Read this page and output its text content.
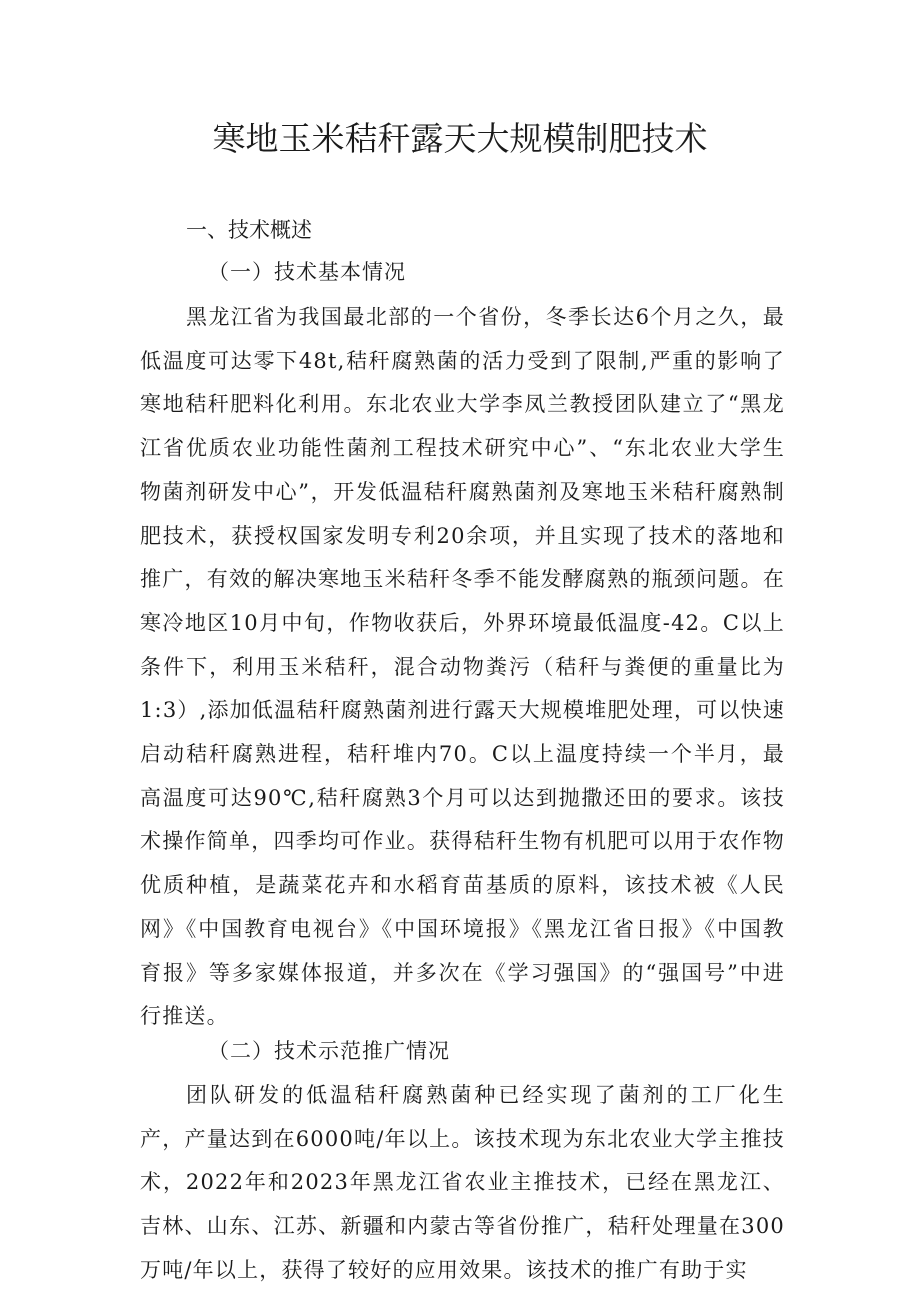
寒地玉米秸秆露天大规模制肥技术
一、技术概述
（一）技术基本情况

黑龙江省为我国最北部的一个省份，冬季长达6个月之久，最低温度可达零下48t,秸秆腐熟菌的活力受到了限制,严重的影响了寒地秸秆肥料化利用。东北农业大学李凤兰教授团队建立了“黑龙江省优质农业功能性菌剂工程技术研究中心”、“东北农业大学生物菌剂研发中心”，开发低温秸秆腐熟菌剂及寒地玉米秸秆腐熟制肥技术，获授权国家发明专利20余项，并且实现了技术的落地和推广，有效的解决寒地玉米秸秆冬季不能发酵腐熟的瓶颈问题。在寒冷地区10月中旬，作物收获后，外界环境最低温度-42。C以上条件下，利用玉米秸秆，混合动物粪污（秸秆与粪便的重量比为1:3）,添加低温秸秆腐熟菌剂进行露天大规模堆肥处理，可以快速启动秸秆腐熟进程，秸秆堆内70。C以上温度持续一个半月，最高温度可达90℃,秸秆腐熟3个月可以达到抛撒还田的要求。该技术操作简单，四季均可作业。获得秸秆生物有机肥可以用于农作物优质种植，是蔬菜花卉和水稻育苗基质的原料，该技术被《人民网》《中国教育电视台》《中国环境报》《黑龙江省日报》《中国教育报》等多家媒体报道，并多次在《学习强国》的“强国号”中进行推送。

（二）技术示范推广情况

团队研发的低温秸秆腐熟菌种已经实现了菌剂的工厂化生产，产量达到在6000吨/年以上。该技术现为东北农业大学主推技术，2022年和2023年黑龙江省农业主推技术，已经在黑龙江、吉林、山东、江苏、新疆和内蒙古等省份推广，秸秆处理量在300万吨/年以上，获得了较好的应用效果。该技术的推广有助于实
